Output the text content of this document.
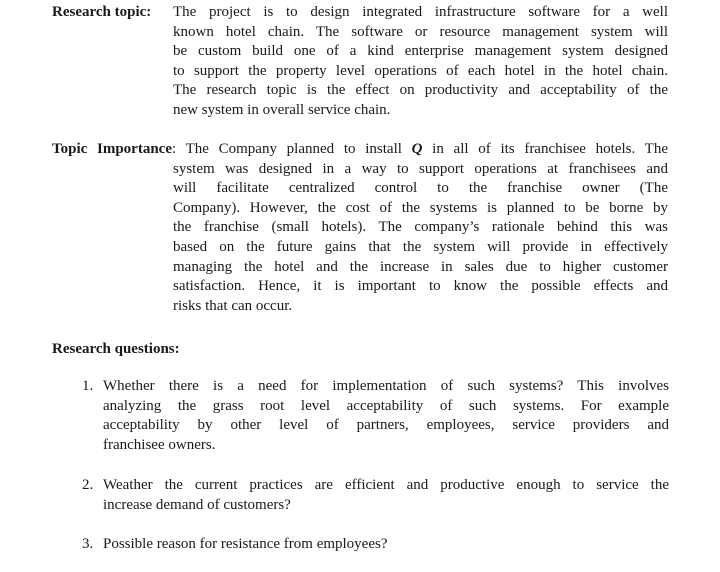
Research topic:	The project is to design integrated infrastructure software for a well
known hotel chain. The software or resource management system will
be custom build one of a kind enterprise management system designed
to support the property level operations of each hotel in the hotel chain.
The research topic is the effect on productivity and acceptability of the
new system in overall service chain.
Topic Importance: The Company planned to install Q in all of its franchisee hotels. The
system was designed in a way to support operations at franchisees and
will facilitate centralized control to the franchise owner (The
Company). However, the cost of the systems is planned to be borne by
the franchise (small hotels). The company’s rationale behind this was
based on the future gains that the system will provide in effectively
managing the hotel and the increase in sales due to higher customer
satisfaction. Hence, it is important to know the possible effects and
risks that can occur.
Research questions:
1. Whether there is a need for implementation of such systems? This involves
analyzing the grass root level acceptability of such systems. For example
acceptability by other level of partners, employees, service providers and
franchisee owners.
2. Weather the current practices are efficient and productive enough to service the
increase demand of customers?
3. Possible reason for resistance from employees?
